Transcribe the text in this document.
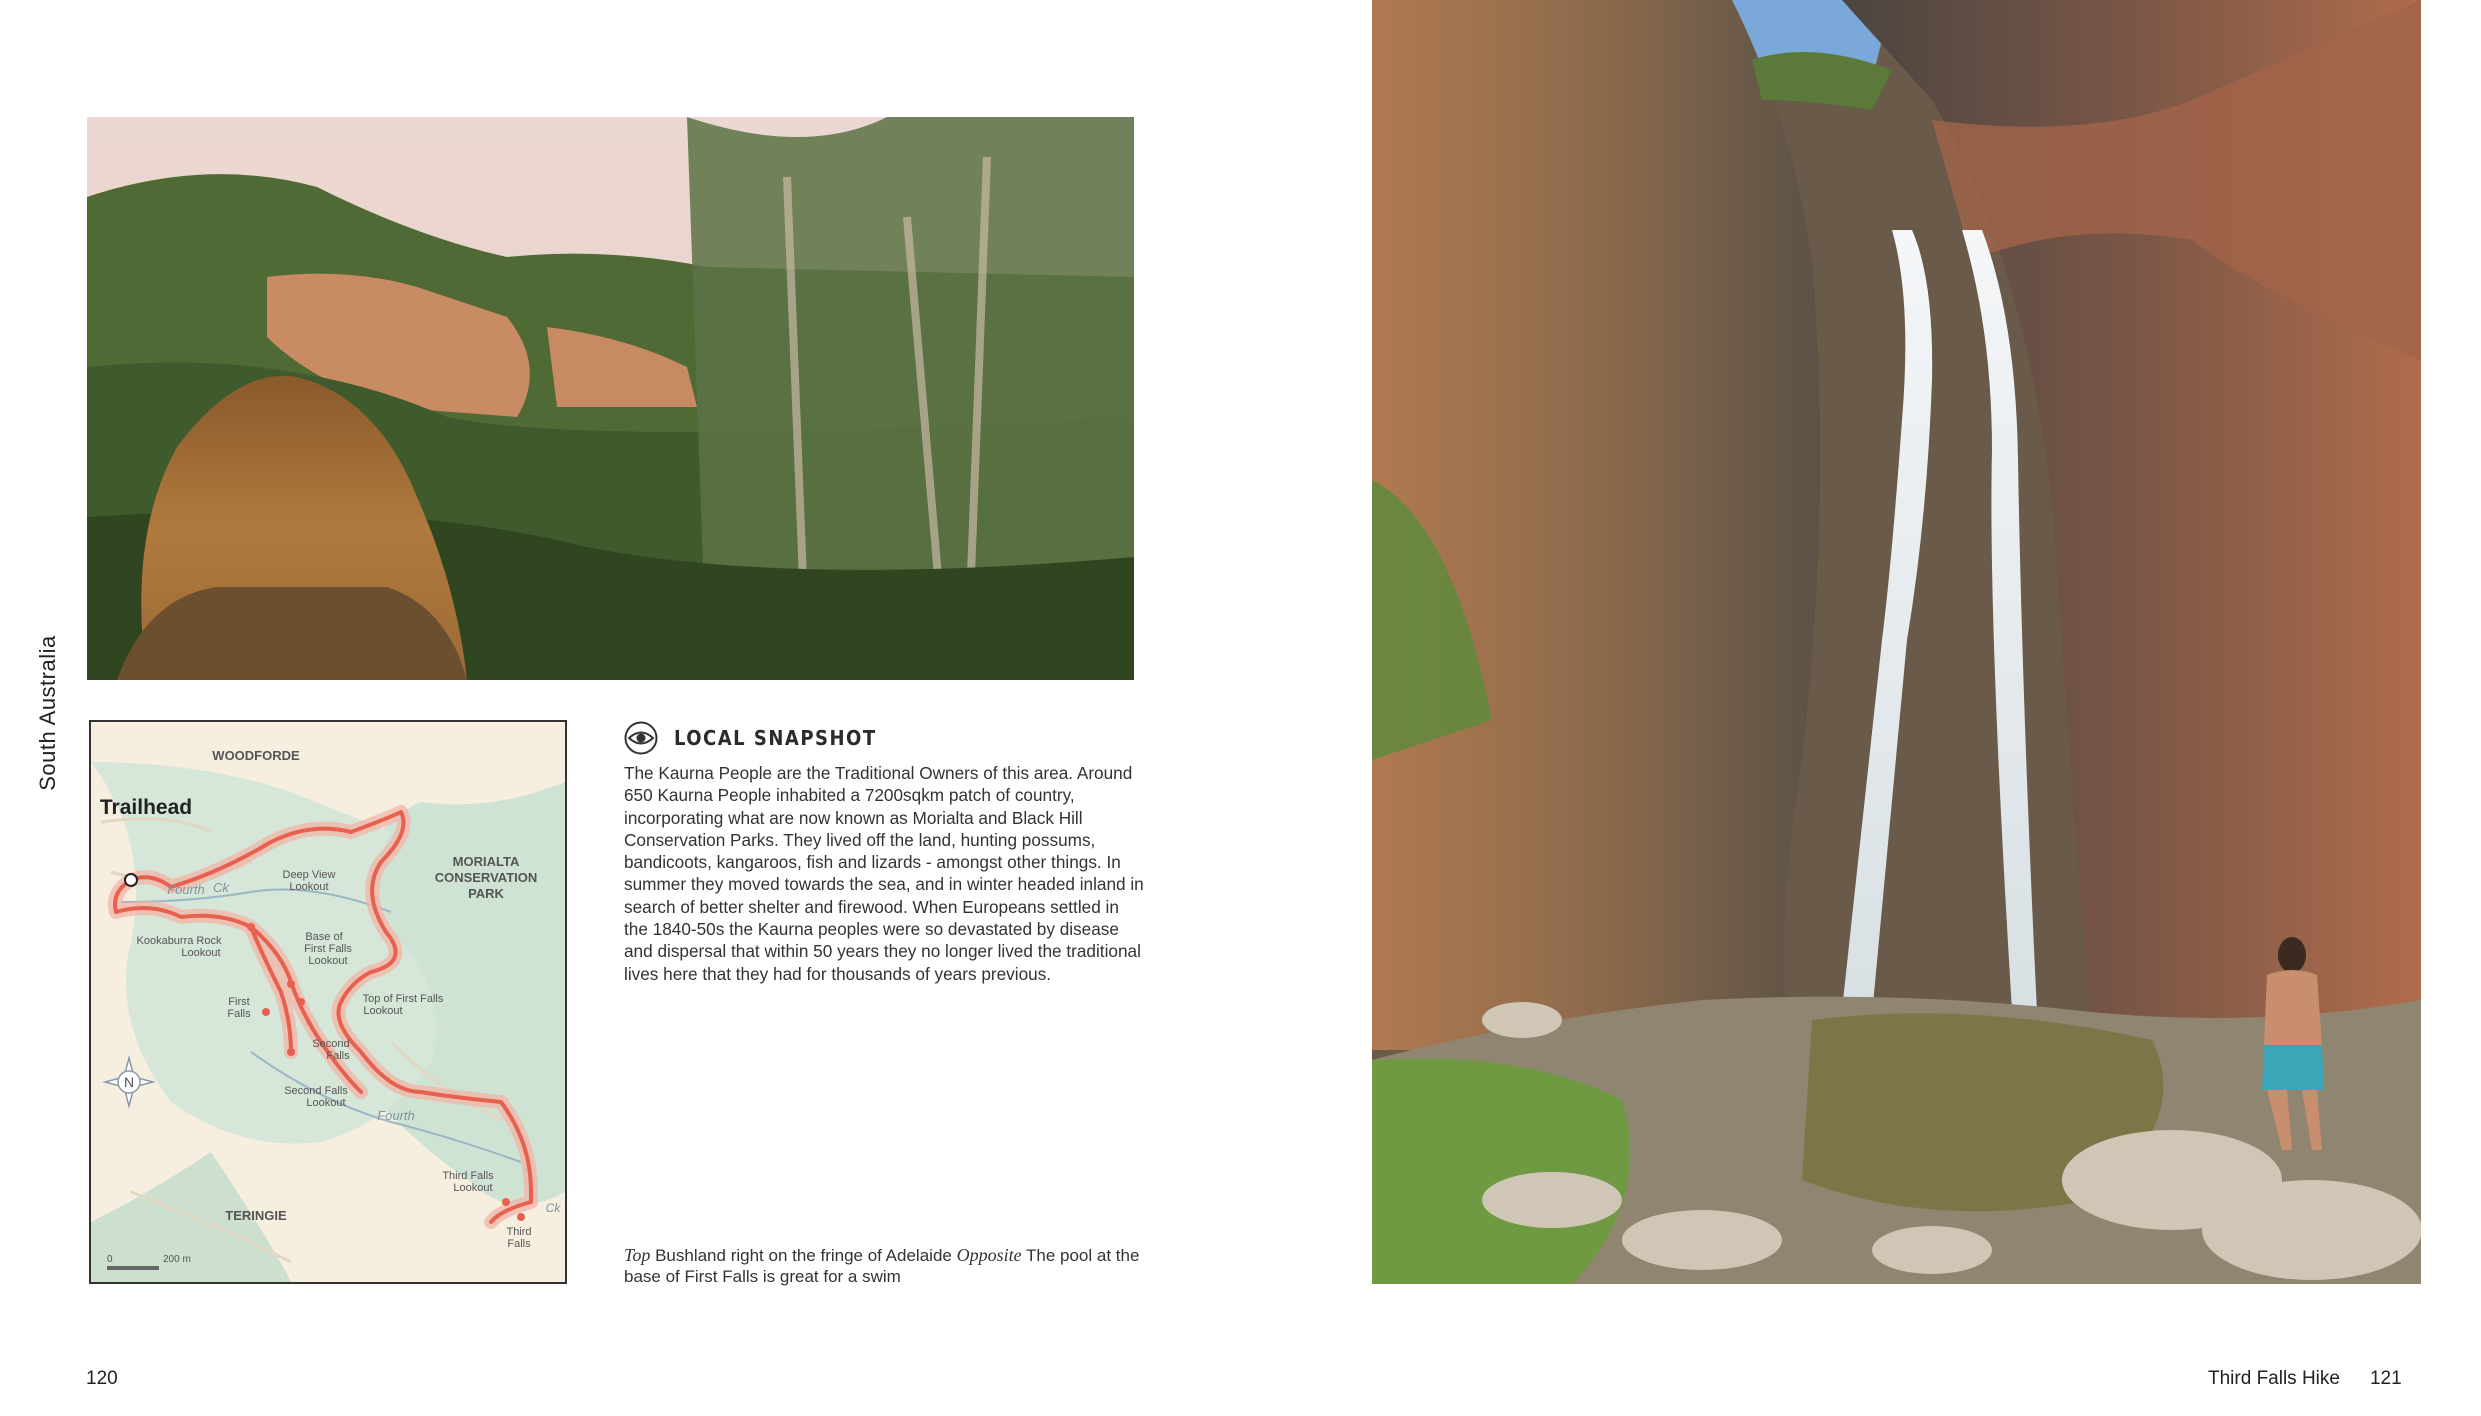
South Australia
N
0	200 m
WOODFORDE
Trailhead
MORIALTA
CONSERVATION
PARK
Deep View
Lookout
Fourth Ck
Kookaburra Rock
Lookout
Base of
First Falls
Lookout
First
Falls
Top of First Falls
Lookout
Second
Falls
Second Falls
Lookout
Fourth
Third Falls
Lookout
Third
Falls
Ck
TERINGIE
LOCAL SNAPSHOT

The Kaurna People are the Traditional Owners of this area. Around 650 Kaurna People inhabited a 7200sqkm patch of country, incorporating what are now known as Morialta and Black Hill Conservation Parks. They lived off the land, hunting possums, bandicoots, kangaroos, fish and lizards - amongst other things. In summer they moved towards the sea, and in winter headed inland in search of better shelter and firewood. When Europeans settled in the 1840-50s the Kaurna peoples were so devastated by disease and dispersal that within 50 years they no longer lived the traditional lives here that they had for thousands of years previous.

Top Bushland right on the fringe of Adelaide Opposite The pool at the base of First Falls is great for a swim

120	Third Falls Hike 121
